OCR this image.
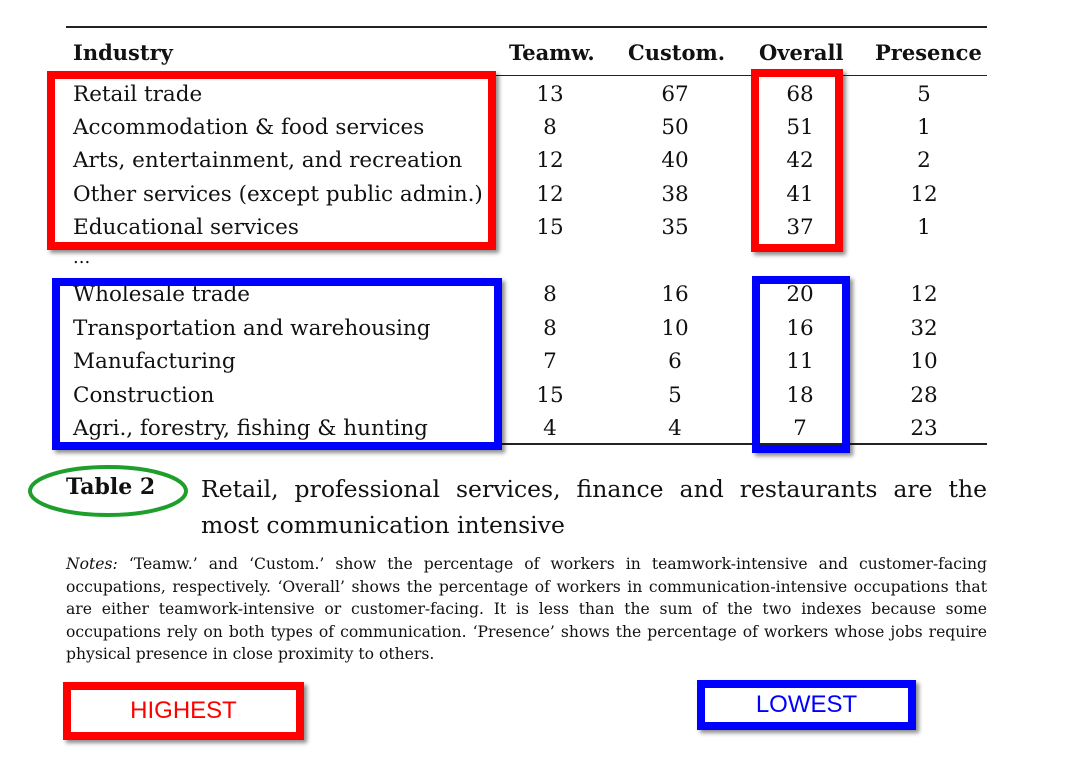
Industry	Teamw. Custom. Overall Presence
Retail trade	13	67	68	5
Accommodation & food services	8	50	51	1
Arts, entertainment, and recreation	12	40	42	2
Other services (except public admin.)	12	38	41	12
Educational services	15	35	37	1
...
Wholesale trade	8	16	20	12
Transportation and warehousing	8	10	16	32
Manufacturing	7	6	11	10
Construction	15	5	18	28
Agri., forestry, fishing & hunting	4	4	7	23
Table 2 Retail, professional services, finance and restaurants are the most communication intensive
Notes: ‘Teamw.’ and ‘Custom.’ show the percentage of workers in teamwork-intensive and customer-facing occupations, respectively. ‘Overall’ shows the percentage of workers in communication-intensive occupations that are either teamwork-intensive or customer-facing. It is less than the sum of the two indexes because some occupations rely on both types of communication. ‘Presence’ shows the percentage of workers whose jobs require physical presence in close proximity to others.
HIGHEST	LOWEST
